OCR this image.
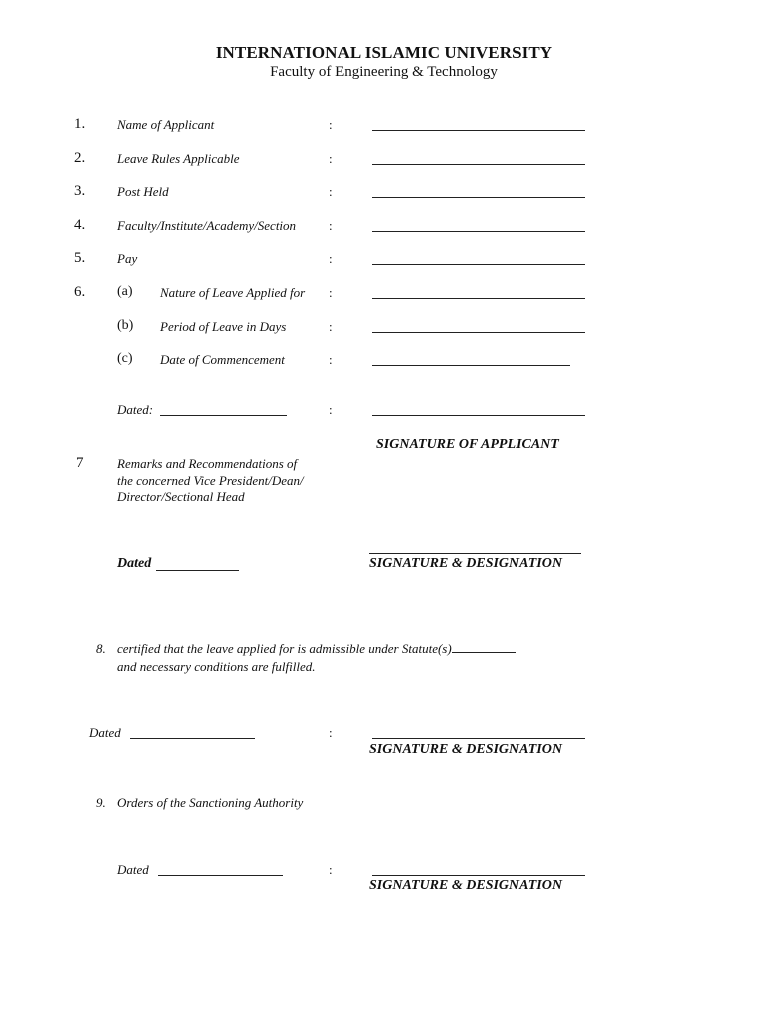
INTERNATIONAL ISLAMIC UNIVERSITY
Faculty of Engineering & Technology
1. Name of Applicant	:
2. Leave Rules Applicable	:
3. Post Held	:
4. Faculty/Institute/Academy/Section	:
5. Pay	:
6. (a) Nature of Leave Applied for :
(b) Period of Leave in Days	:
(c) Date of Commencement	:
Dated:	:
SIGNATURE OF APPLICANT
7	Remarks and Recommendations of
the concerned Vice President/Dean/
Director/Sectional Head
Dated	SIGNATURE & DESIGNATION
8. certified that the leave applied for is admissible under Statute(s)
and necessary conditions are fulfilled.
Dated	:
SIGNATURE & DESIGNATION
9. Orders of the Sanctioning Authority
Dated	:
SIGNATURE & DESIGNATION
